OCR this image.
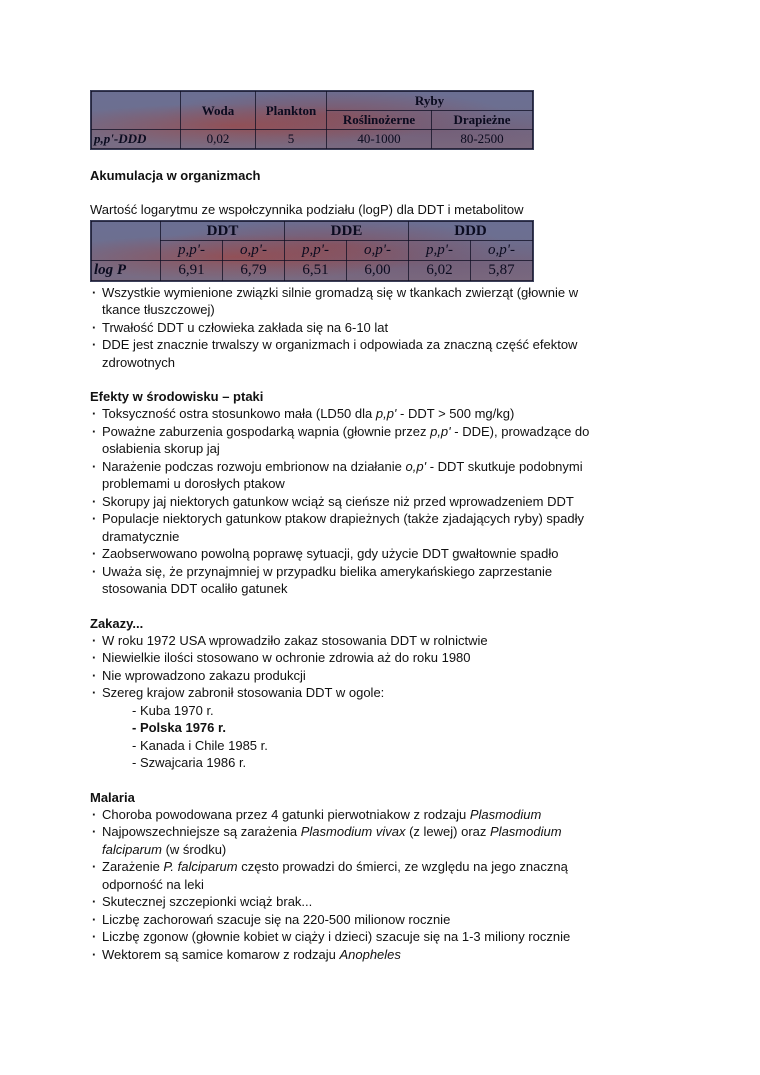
	Woda	Plankton	Ryby	
			Roślinożerne	Drapieżne
p,p'-DDD	0,02	5	40-1000	80-2500

Akumulacja w organizmach

Wartość logarytmu ze wspołczynnika podziału (logP) dla DDT i metabolitow

	DDT		DDE		DDD	
	p,p'-	o,p'-	p,p'-	o,p'-	p,p'-	o,p'-
log P	6,91	6,79	6,51	6,00	6,02	5,87
· Wszystkie wymienione związki silnie gromadzą się w tkankach zwierząt (głownie w tkance tłuszczowej)
· Trwałość DDT u człowieka zakłada się na 6-10 lat
· DDE jest znacznie trwalszy w organizmach i odpowiada za znaczną część efektow zdrowotnych

Efekty w środowisku – ptaki

· Toksyczność ostra stosunkowo mała (LD50 dla p,p' - DDT > 500 mg/kg)
· Poważne zaburzenia gospodarką wapnia (głownie przez p,p' - DDE), prowadzące do osłabienia skorup jaj
· Narażenie podczas rozwoju embrionow na działanie o,p' - DDT skutkuje podobnymi problemami u dorosłych ptakow
· Skorupy jaj niektorych gatunkow wciąż są cieńsze niż przed wprowadzeniem DDT
· Populacje niektorych gatunkow ptakow drapieżnych (także zjadających ryby) spadły dramatycznie
· Zaobserwowano powolną poprawę sytuacji, gdy użycie DDT gwałtownie spadło
· Uważa się, że przynajmniej w przypadku bielika amerykańskiego zaprzestanie stosowania DDT ocaliło gatunek

Zakazy...

· W roku 1972 USA wprowadziło zakaz stosowania DDT w rolnictwie
· Niewielkie ilości stosowano w ochronie zdrowia aż do roku 1980
· Nie wprowadzono zakazu produkcji
· Szereg krajow zabronił stosowania DDT w ogole:
- Kuba 1970 r.
- Polska 1976 r.
- Kanada i Chile 1985 r.
- Szwajcaria 1986 r.

Malaria

· Choroba powodowana przez 4 gatunki pierwotniakow z rodzaju Plasmodium
· Najpowszechniejsze są zarażenia Plasmodium vivax (z lewej) oraz Plasmodium falciparum (w środku)
· Zarażenie P. falciparum często prowadzi do śmierci, ze względu na jego znaczną odporność na leki
· Skutecznej szczepionki wciąż brak...
· Liczbę zachorowań szacuje się na 220-500 milionow rocznie
· Liczbę zgonow (głownie kobiet w ciąży i dzieci) szacuje się na 1-3 miliony rocznie
· Wektorem są samice komarow z rodzaju Anopheles
